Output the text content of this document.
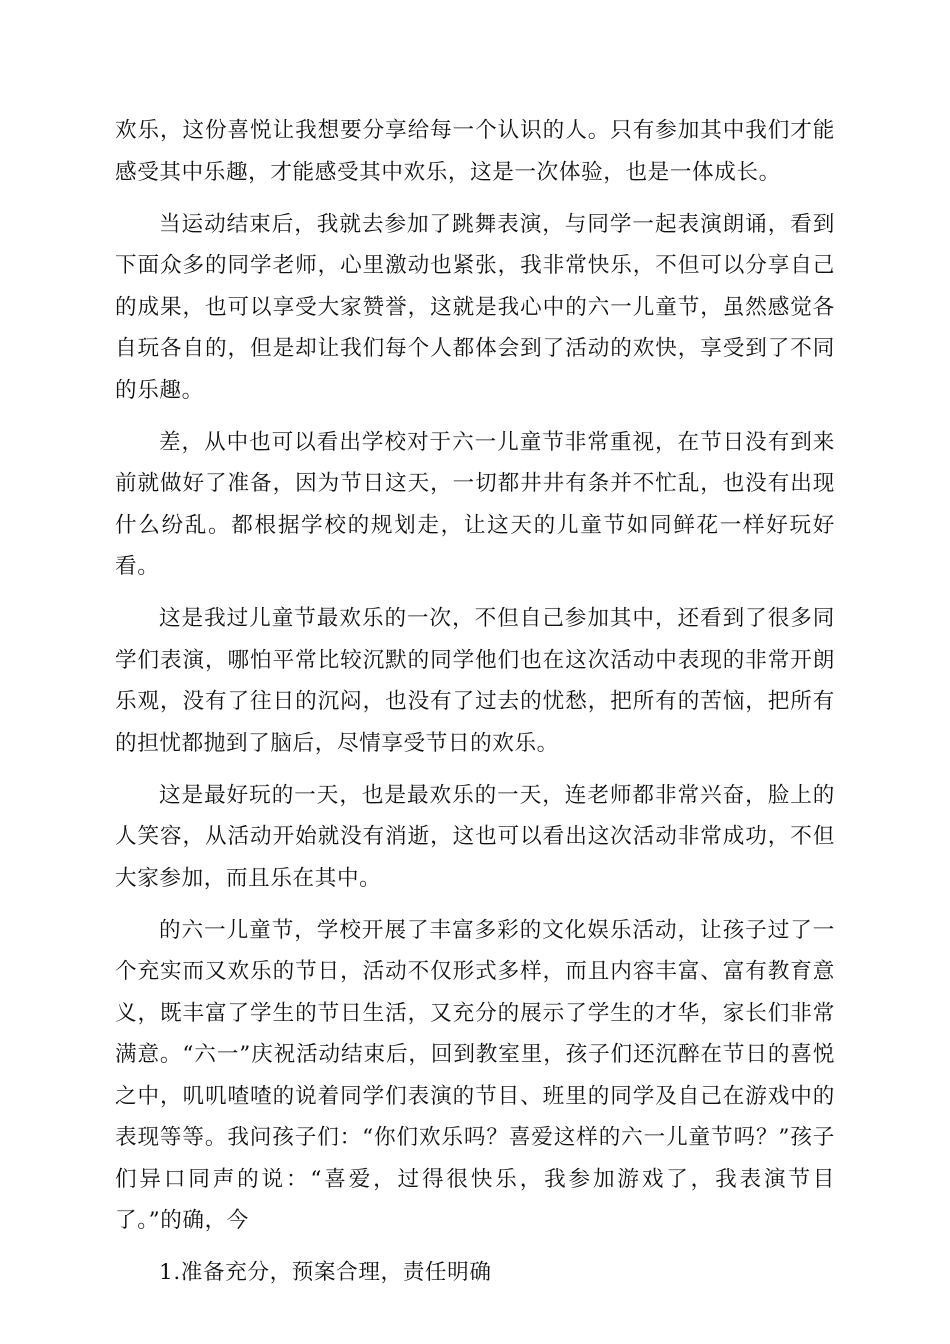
欢乐，这份喜悦让我想要分享给每一个认识的人。只有参加其中我们才能感受其中乐趣，才能感受其中欢乐，这是一次体验，也是一体成长。

当运动结束后，我就去参加了跳舞表演，与同学一起表演朗诵，看到下面众多的同学老师，心里激动也紧张，我非常快乐，不但可以分享自己的成果，也可以享受大家赞誉，这就是我心中的六一儿童节，虽然感觉各自玩各自的，但是却让我们每个人都体会到了活动的欢快，享受到了不同的乐趣。

差，从中也可以看出学校对于六一儿童节非常重视，在节日没有到来前就做好了准备，因为节日这天，一切都井井有条并不忙乱，也没有出现什么纷乱。都根据学校的规划走，让这天的儿童节如同鲜花一样好玩好看。

这是我过儿童节最欢乐的一次，不但自己参加其中，还看到了很多同学们表演，哪怕平常比较沉默的同学他们也在这次活动中表现的非常开朗乐观，没有了往日的沉闷，也没有了过去的忧愁，把所有的苦恼，把所有的担忧都抛到了脑后，尽情享受节日的欢乐。

这是最好玩的一天，也是最欢乐的一天，连老师都非常兴奋，脸上的人笑容，从活动开始就没有消逝，这也可以看出这次活动非常成功，不但大家参加，而且乐在其中。

的六一儿童节，学校开展了丰富多彩的文化娱乐活动，让孩子过了一个充实而又欢乐的节日，活动不仅形式多样，而且内容丰富、富有教育意义，既丰富了学生的节日生活，又充分的展示了学生的才华，家长们非常满意。“六一”庆祝活动结束后，回到教室里，孩子们还沉醉在节日的喜悦之中，叽叽喳喳的说着同学们表演的节目、班里的同学及自己在游戏中的表现等等。我问孩子们：“你们欢乐吗？喜爱这样的六一儿童节吗？”孩子们异口同声的说：“喜爱，过得很快乐，我参加游戏了，我表演节目了。”的确，今

1.准备充分，预案合理，责任明确
